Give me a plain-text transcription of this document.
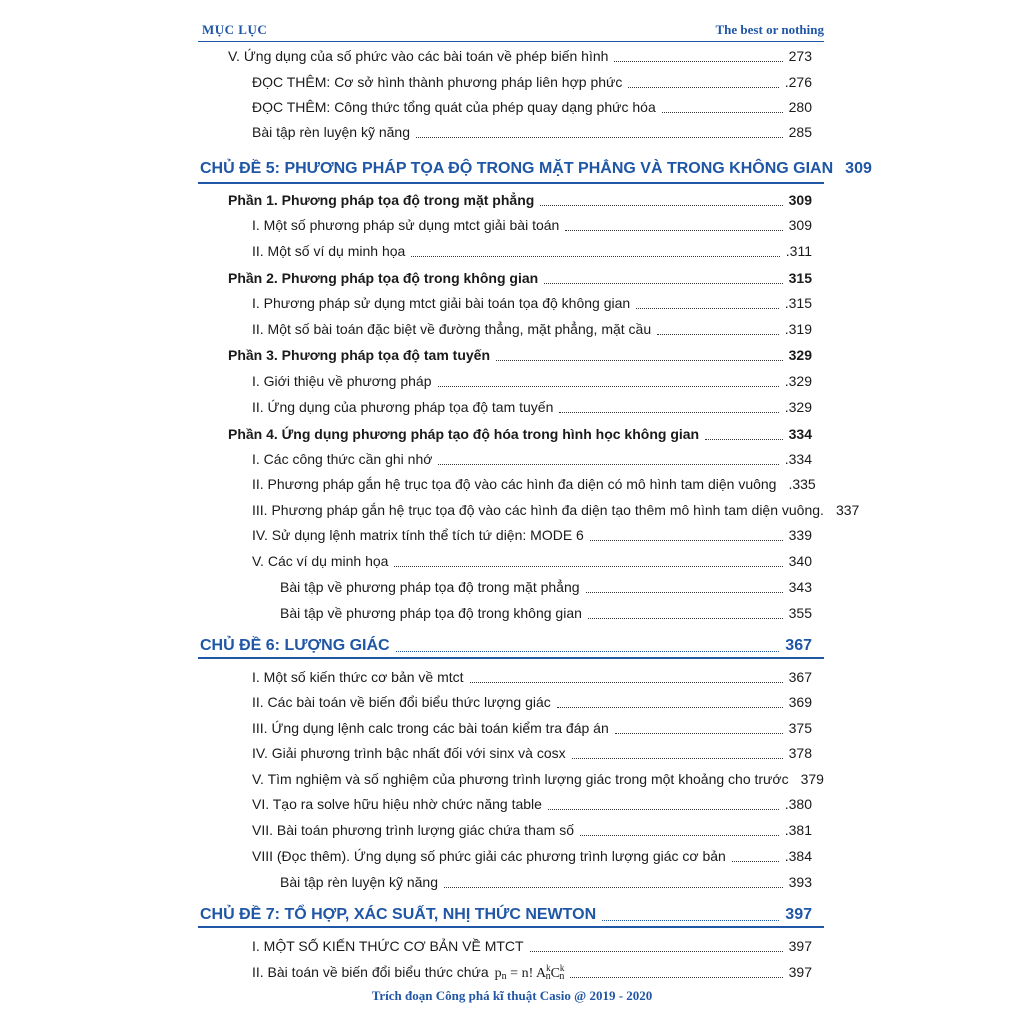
MỤC LỤC	The best or nothing
V. Ứng dụng của số phức vào các bài toán về phép biến hình	273
ĐỌC THÊM: Cơ sở hình thành phương pháp liên hợp phức	.276
ĐỌC THÊM: Công thức tổng quát của phép quay dạng phức hóa	280
Bài tập rèn luyện kỹ năng	285
CHỦ ĐỀ 5: PHƯƠNG PHÁP TỌA ĐỘ TRONG MẶT PHẲNG VÀ TRONG KHÔNG GIAN 309
Phần 1. Phương pháp tọa độ trong mặt phẳng	309
I. Một số phương pháp sử dụng mtct giải bài toán	309
II. Một số ví dụ minh họa	.311
Phần 2. Phương pháp tọa độ trong không gian	315
I. Phương pháp sử dụng mtct giải bài toán tọa độ không gian	.315
II. Một số bài toán đặc biệt về đường thẳng, mặt phẳng, mặt cầu	.319
Phần 3. Phương pháp tọa độ tam tuyến	329
I. Giới thiệu về phương pháp	.329
II. Ứng dụng của phương pháp tọa độ tam tuyến	.329
Phần 4. Ứng dụng phương pháp tạo độ hóa trong hình học không gian	334
I. Các công thức cần ghi nhớ	.334
II. Phương pháp gắn hệ trục tọa độ vào các hình đa diện có mô hình tam diện vuông .335
III. Phương pháp gắn hệ trục tọa độ vào các hình đa diện tạo thêm mô hình tam diện vuông. 337
IV. Sử dụng lệnh matrix tính thể tích tứ diện: MODE 6	339
V. Các ví dụ minh họa	340
Bài tập về phương pháp tọa độ trong mặt phẳng	343
Bài tập về phương pháp tọa độ trong không gian	355
CHỦ ĐỀ 6: LƯỢNG GIÁC	367
I. Một số kiến thức cơ bản về mtct	367
II. Các bài toán về biến đổi biểu thức lượng giác	369
III. Ứng dụng lệnh calc trong các bài toán kiểm tra đáp án	375
IV. Giải phương trình bậc nhất đối với sinx và cosx	378
V. Tìm nghiệm và số nghiệm của phương trình lượng giác trong một khoảng cho trước 379
VI. Tạo ra solve hữu hiệu nhờ chức năng table	.380
VII. Bài toán phương trình lượng giác chứa tham số	.381
VIII (Đọc thêm). Ứng dụng số phức giải các phương trình lượng giác cơ bản	.384
Bài tập rèn luyện kỹ năng	393
CHỦ ĐỀ 7: TỔ HỢP, XÁC SUẤT, NHỊ THỨC NEWTON	397
I. MỘT SỐ KIẾN THỨC CƠ BẢN VỀ MTCT	397
II. Bài toán về biến đổi biểu thức chứa $p_n = n$! $A^k_nC^k_n$	397
Trích đoạn Công phá kĩ thuật Casio @ 2019 - 2020
